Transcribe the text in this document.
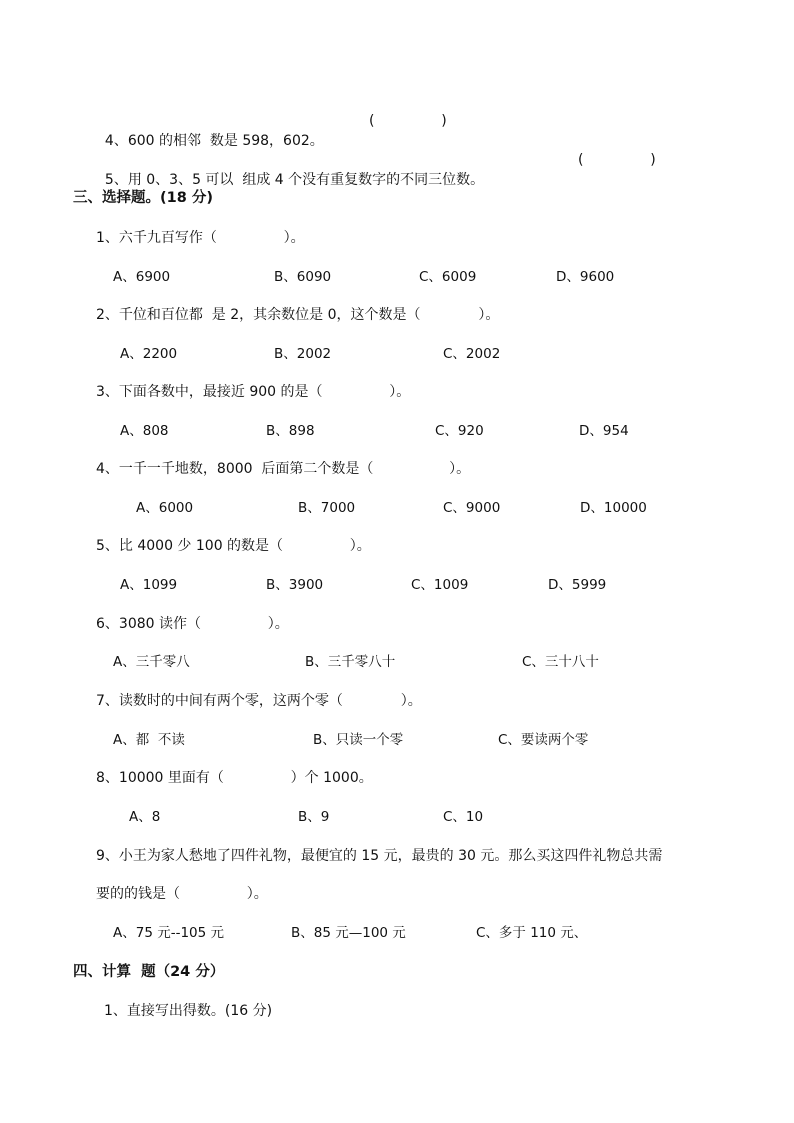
4、600 的相邻  数是 598，602。

(               )

5、用 0、3、5 可以  组成 4 个没有重复数字的不同三位数。

(               )
三、选择题。(18 分)
1、六千九百写作（               ）。
A、6900	B、6090	C、6009	D、9600
2、千位和百位都  是 2，其余数位是 0，这个数是（             ）。
A、2200	B、2002	C、2002
3、下面各数中，最接近 900 的是（               ）。
A、808	B、898	C、920	D、954
4、一千一千地数，8000  后面第二个数是（                 ）。
A、6000	B、7000	C、9000	D、10000
5、比 4000 少 100 的数是（               ）。
A、1099	B、3900	C、1009	D、5999
6、3080 读作（               ）。
A、三千零八	B、三千零八十	C、三十八十
7、读数时的中间有两个零，这两个零（             ）。
A、都  不读	B、只读一个零	C、要读两个零
8、10000 里面有（               ）个 1000。
A、8	B、9	C、10
9、小王为家人愁地了四件礼物，最便宜的 15 元，最贵的 30 元。那么买这四件礼物总共需
要的的钱是（               ）。
A、75 元--105 元	B、85 元—100 元	C、多于 110 元、
四、计算  题（24 分）
1、直接写出得数。(16 分)
